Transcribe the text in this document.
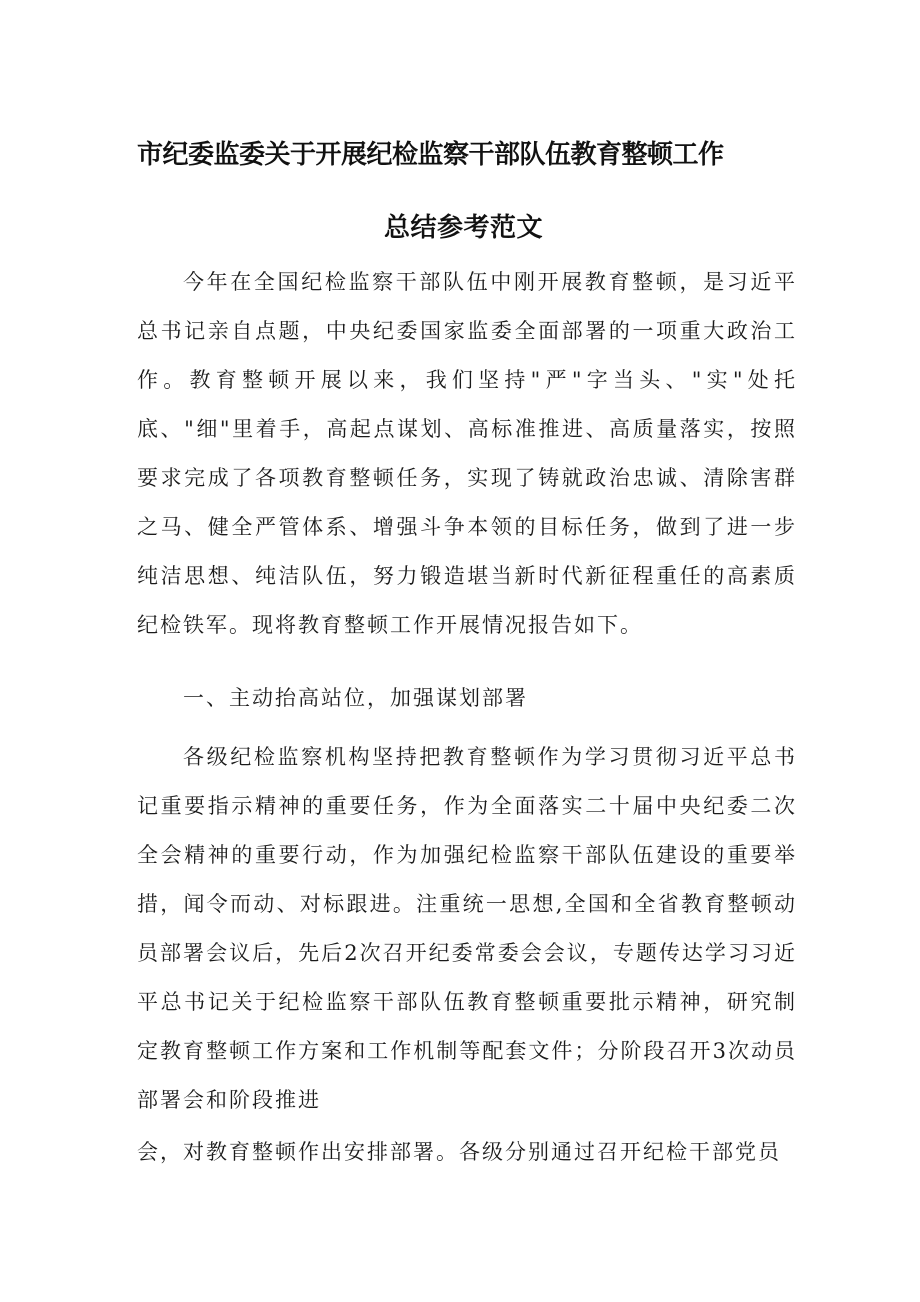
市纪委监委关于开展纪检监察干部队伍教育整顿工作
总结参考范文

今年在全国纪检监察干部队伍中刚开展教育整顿，是习近平总书记亲自点题，中央纪委国家监委全面部署的一项重大政治工作。教育整顿开展以来，我们坚持"严"字当头、"实"处托底、"细"里着手，高起点谋划、高标准推进、高质量落实，按照要求完成了各项教育整顿任务，实现了铸就政治忠诚、清除害群之马、健全严管体系、增强斗争本领的目标任务，做到了进一步纯洁思想、纯洁队伍，努力锻造堪当新时代新征程重任的高素质纪检铁军。现将教育整顿工作开展情况报告如下。

一、主动抬高站位，加强谋划部署

各级纪检监察机构坚持把教育整顿作为学习贯彻习近平总书记重要指示精神的重要任务，作为全面落实二十届中央纪委二次全会精神的重要行动，作为加强纪检监察干部队伍建设的重要举措，闻令而动、对标跟进。注重统一思想,全国和全省教育整顿动员部署会议后，先后2次召开纪委常委会会议，专题传达学习习近平总书记关于纪检监察干部队伍教育整顿重要批示精神，研究制定教育整顿工作方案和工作机制等配套文件；分阶段召开3次动员部署会和阶段推进

会，对教育整顿作出安排部署。各级分别通过召开纪检干部党员
